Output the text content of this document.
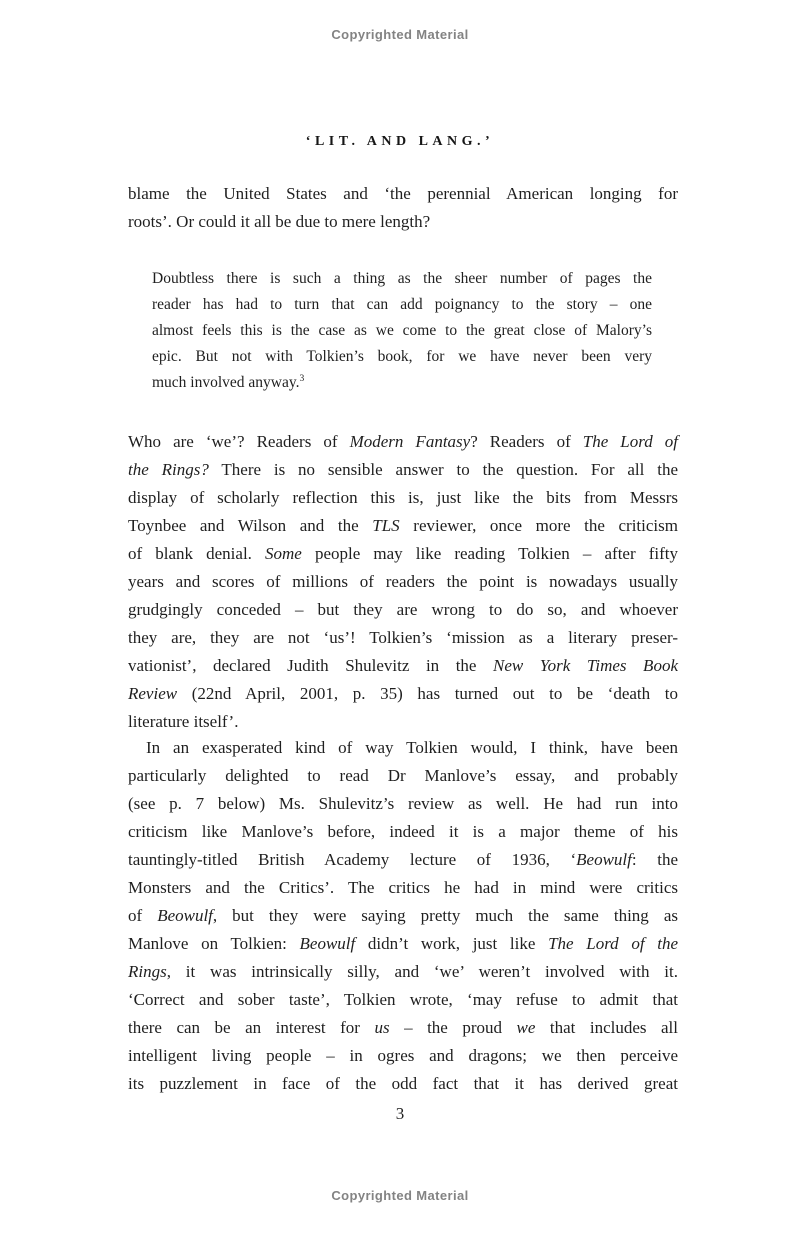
Copyrighted Material
‘LIT. AND LANG.’
blame the United States and ‘the perennial American longing for
roots’. Or could it all be due to mere length?
Doubtless there is such a thing as the sheer number of pages the
reader has had to turn that can add poignancy to the story – one
almost feels this is the case as we come to the great close of Malory’s
epic. But not with Tolkien’s book, for we have never been very
much involved anyway.$^3$
Who are ‘we’? Readers of Modern Fantasy? Readers of The Lord of
the Rings? There is no sensible answer to the question. For all the
display of scholarly reflection this is, just like the bits from Messrs
Toynbee and Wilson and the TLS reviewer, once more the criticism
of blank denial. Some people may like reading Tolkien – after fifty
years and scores of millions of readers the point is nowadays usually
grudgingly conceded – but they are wrong to do so, and whoever
they are, they are not ‘us’! Tolkien’s ‘mission as a literary preser-
vationist’, declared Judith Shulevitz in the New York Times Book
Review (22nd April, 2001, p. 35) has turned out to be ‘death to
literature itself’.
In an exasperated kind of way Tolkien would, I think, have been
particularly delighted to read Dr Manlove’s essay, and probably
(see p. 7 below) Ms. Shulevitz’s review as well. He had run into
criticism like Manlove’s before, indeed it is a major theme of his
tauntingly-titled British Academy lecture of 1936, ‘Beowulf: the
Monsters and the Critics’. The critics he had in mind were critics
of Beowulf, but they were saying pretty much the same thing as
Manlove on Tolkien: Beowulf didn’t work, just like The Lord of the
Rings, it was intrinsically silly, and ‘we’ weren’t involved with it.
‘Correct and sober taste’, Tolkien wrote, ‘may refuse to admit that
there can be an interest for us – the proud we that includes all
intelligent living people – in ogres and dragons; we then perceive
its puzzlement in face of the odd fact that it has derived great
3
Copyrighted Material
